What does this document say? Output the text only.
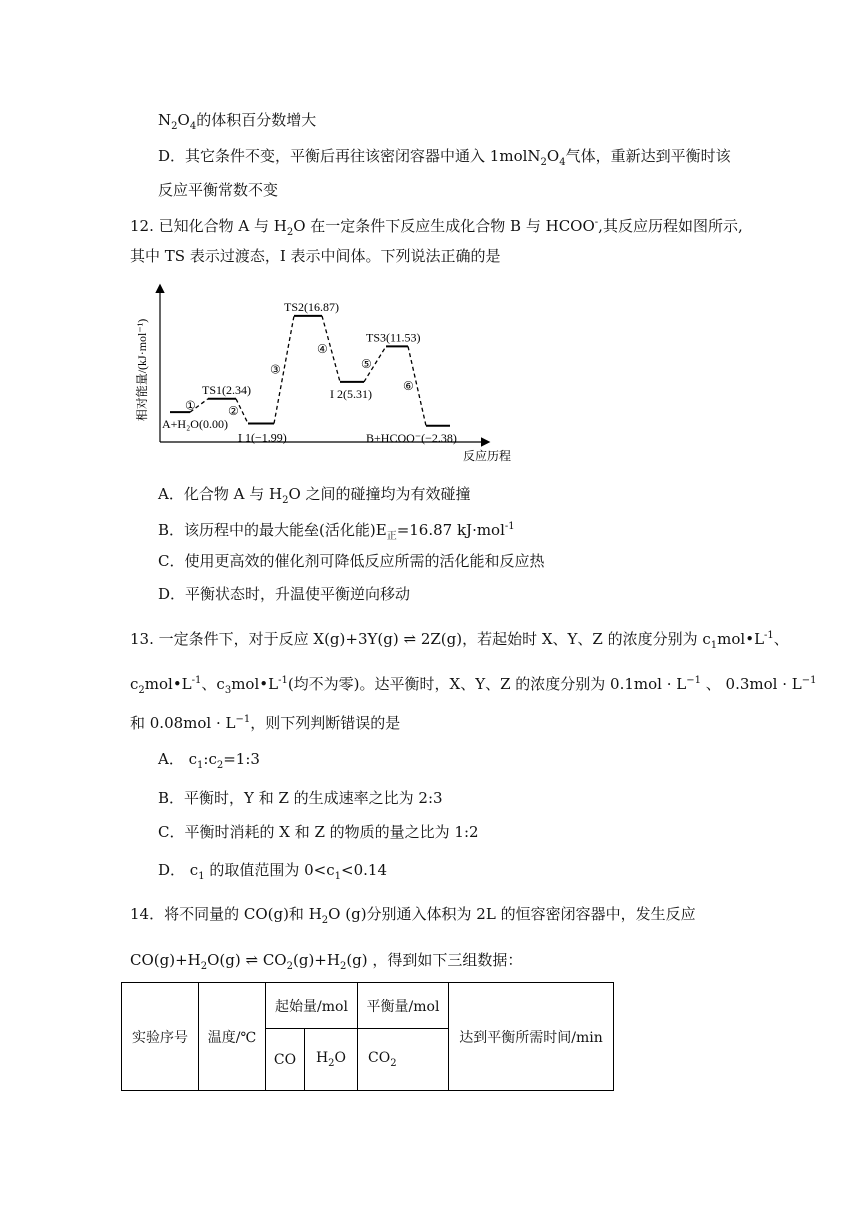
$N_2O_4$的体积百分数增大
D．其它条件不变，平衡后再往该密闭容器中通入 $1molN_2O_4$气体，重新达到平衡时该
反应平衡常数不变
12. 已知化合物 A 与 $H_2O$ 在一定条件下反应生成化合物 B 与 HCOO-,其反应历程如图所示,
其中 TS 表示过渡态，I 表示中间体。下列说法正确的是
相对能量/(kJ·mol⁻¹)
反应历程
A+H₂O(0.00)
①
TS1(2.34)
②
I 1(−1.99)
③
TS2(16.87)
④
I 2(5.31)
⑤
TS3(11.53)
⑥
B+HCOO⁻(−2.38)
A．化合物 A 与 $H_2O$ 之间的碰撞均为有效碰撞
B．该历程中的最大能垒(活化能)$E_正=16.87$ kJ·mol$^{-1}$
C．使用更高效的催化剂可降低反应所需的活化能和反应热
D．平衡状态时，升温使平衡逆向移动
13. 一定条件下，对于反应 X(g)+3Y(g) ⇌ 2Z(g)，若起始时 X、Y、Z 的浓度分别为 $c_1mol•L^{-1}$、
$c_2mol•L^{-1}$、$c_3mol•L^{-1}$(均不为零)。达平衡时，X、Y、Z 的浓度分别为 $0.1mol \cdot L^{-1}$ 、 $0.3mol \cdot L^{-1}$
和 $0.08mol \cdot L^{-1}$，则下列判断错误的是
A． $c_1:c_2=1:3$
B．平衡时，Y 和 Z 的生成速率之比为 2:3
C．平衡时消耗的 X 和 Z 的物质的量之比为 1:2
D． $c_1$ 的取值范围为 $0<c_1<0.14$
14．将不同量的 CO(g)和 $H_2O$ (g)分别通入体积为 2L 的恒容密闭容器中，发生反应
$CO(g)+H_2O(g)$ ⇌ $CO_2(g)+H_2(g)$ ，得到如下三组数据：
实验序号	温度/℃	起始量/mol		平衡量/mol	达到平衡所需时间/min
		CO	$H_2O$	$CO_2$
